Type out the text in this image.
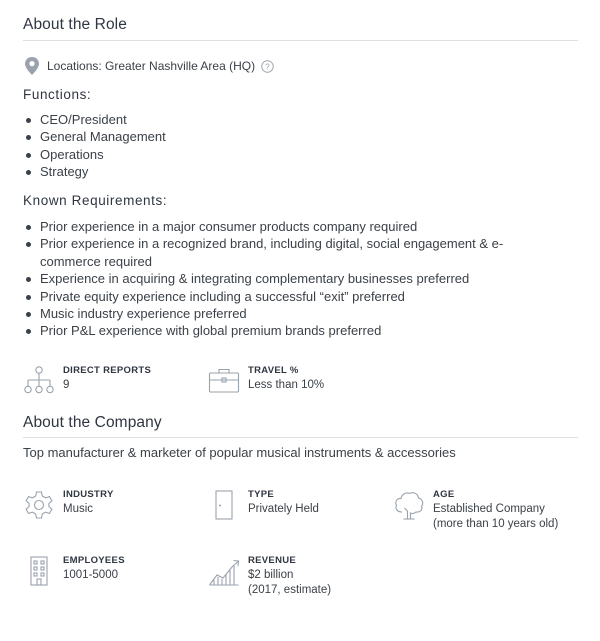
About the Role
Locations: Greater Nashville Area (HQ) ?
Functions:
CEO/President
General Management
Operations
Strategy
Known Requirements:
Prior experience in a major consumer products company required
Prior experience in a recognized brand, including digital, social engagement & e-commerce required
Experience in acquiring & integrating complementary businesses preferred
Private equity experience including a successful “exit” preferred
Music industry experience preferred
Prior P&L experience with global premium brands preferred
DIRECT REPORTS
9
TRAVEL %
Less than 10%
About the Company
Top manufacturer & marketer of popular musical instruments & accessories
INDUSTRY
Music
TYPE
Privately Held
AGE
Established Company
(more than 10 years old)
EMPLOYEES
1001-5000
REVENUE
$2 billion
(2017, estimate)
